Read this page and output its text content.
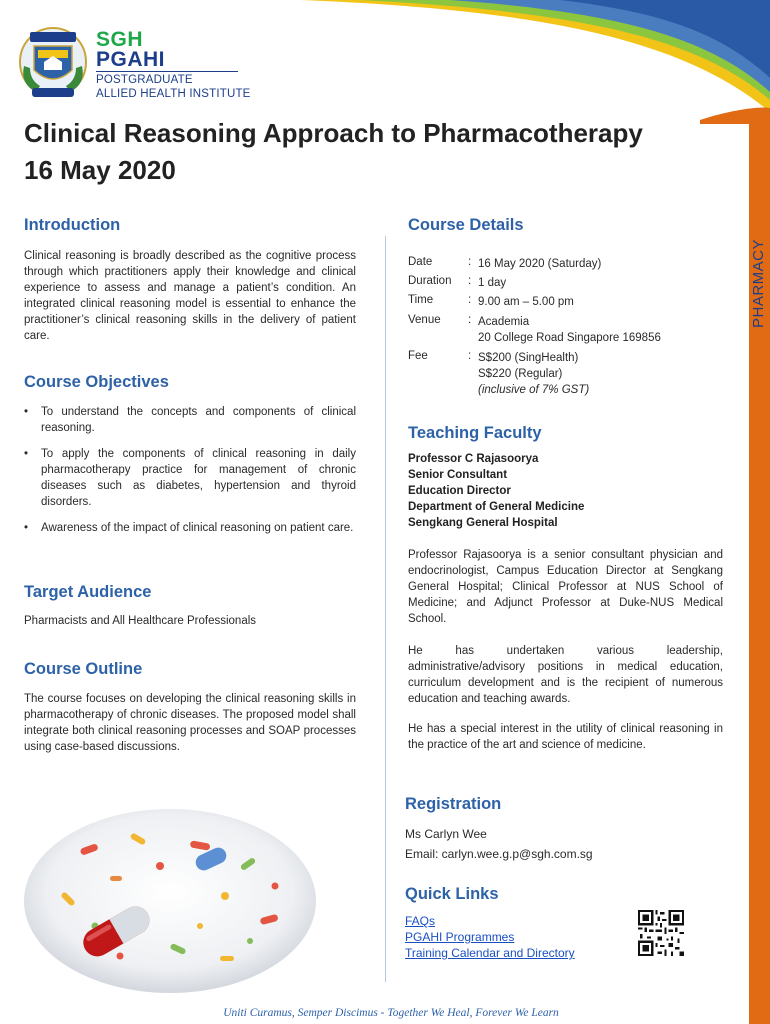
SGH
PGAHI
POSTGRADUATE
ALLIED HEALTH INSTITUTE
Clinical Reasoning Approach to Pharmacotherapy
16 May 2020
PHARMACY
Introduction
Clinical reasoning is broadly described as the cognitive process through which practitioners apply their knowledge and clinical experience to assess and manage a patient’s condition. An integrated clinical reasoning model is essential to enhance the practitioner’s clinical reasoning skills in the delivery of patient care.
Course Objectives
• To understand the concepts and components of clinical reasoning.
• To apply the components of clinical reasoning in daily pharmacotherapy practice for management of chronic diseases such as diabetes, hypertension and thyroid disorders.
• Awareness of the impact of clinical reasoning on patient care.
Target Audience
Pharmacists and All Healthcare Professionals
Course Outline
The course focuses on developing the clinical reasoning skills in pharmacotherapy of chronic diseases. The proposed model shall integrate both clinical reasoning processes and SOAP processes using case-based discussions.
Course Details
Date	: 16 May 2020 (Saturday)
Duration	: 1 day
Time	: 9.00 am – 5.00 pm
Venue	: Academia
20 College Road Singapore 169856
Fee	: S$200 (SingHealth)
S$220 (Regular)
(inclusive of 7% GST)
Teaching Faculty
Professor C Rajasoorya
Senior Consultant
Education Director
Department of General Medicine
Sengkang General Hospital
Professor Rajasoorya is a senior consultant physician and endocrinologist, Campus Education Director at Sengkang General Hospital; Clinical Professor at NUS School of Medicine; and Adjunct Professor at Duke-NUS Medical School.
He has undertaken various leadership, administrative/advisory positions in medical education, curriculum development and is the recipient of numerous education and teaching awards.
He has a special interest in the utility of clinical reasoning in the practice of the art and science of medicine.
Registration
Ms Carlyn Wee
Email: carlyn.wee.g.p@sgh.com.sg
Quick Links
FAQs
PGAHI Programmes
Training Calendar and Directory
Uniti Curamus, Semper Discimus - Together We Heal, Forever We Learn
